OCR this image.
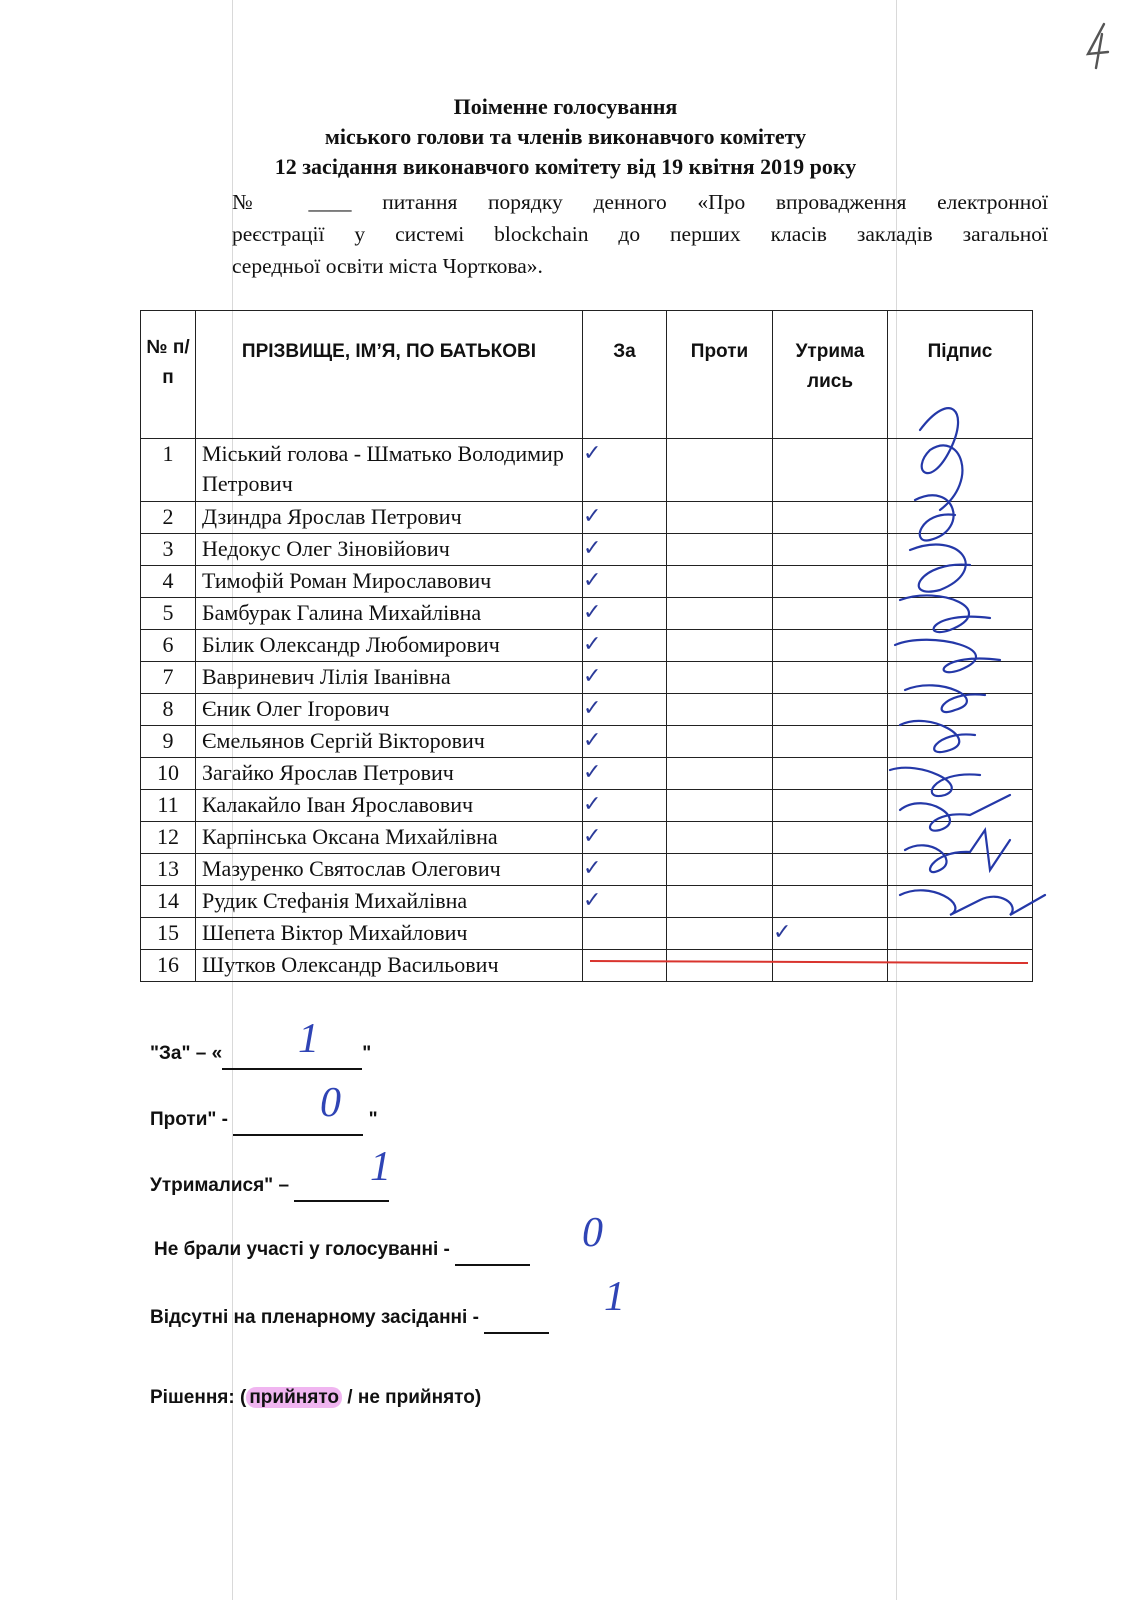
Поіменне голосування
міського голови та членів виконавчого комітету
12 засідання виконавчого комітету від 19 квітня 2019 року
№ ____ питання порядку денного «Про впровадження електронної
реєстрації у системі blockchain до перших класів закладів загальної
середньої освіти міста Чорткова».
№ п/ п	ПРІЗВИЩЕ, ІМ’Я, ПО БАТЬКОВІ	За	Проти	Утрима лись	Підпис
1	Міський голова - Шматько Володимир Петрович	✓			
2	Дзиндра Ярослав Петрович	✓			
3	Недокус Олег Зіновійович	✓			
4	Тимофій Роман Мирославович	✓			
5	Бамбурак Галина Михайлівна	✓			
6	Білик Олександр Любомирович	✓			
7	Вавриневич Лілія Іванівна	✓			
8	Єник Олег Ігорович	✓			
9	Ємельянов Сергій Вікторович	✓			
10	Загайко Ярослав Петрович	✓			
11	Калакайло Іван Ярославович	✓			
12	Карпінська Оксана Михайлівна	✓			
13	Мазуренко Святослав Олегович	✓			
14	Рудик Стефанія Михайлівна	✓			
15	Шепета Віктор Михайлович			✓	
16	Шутков Олександр Васильович				
"За" – «	"
1
Проти" -	"
0
Утрималися" –	1
Не брали участі у голосуванні -	0
Відсутні на пленарному засіданні -	1
Рішення: ( прийнято / не прийнято)
